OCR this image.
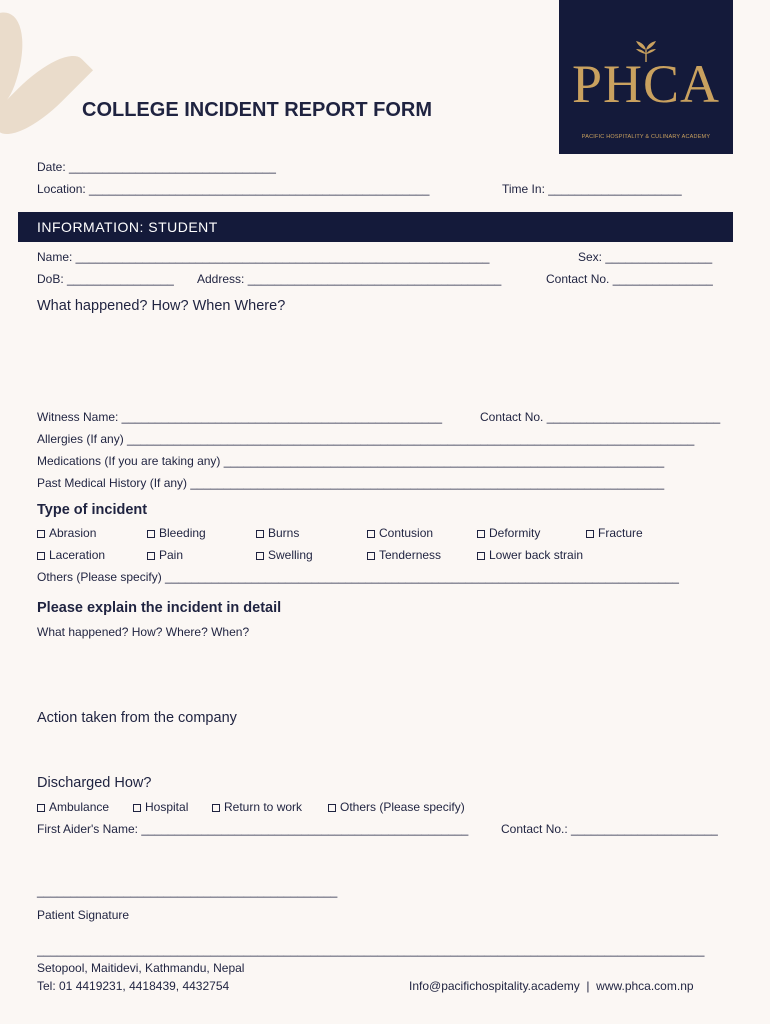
PHCA
PACIFIC HOSPITALITY & CULINARY ACADEMY
COLLEGE INCIDENT REPORT FORM
Date: _______________________________
Location: ___________________________________________________	Time In: ____________________
INFORMATION: STUDENT
Name: ______________________________________________________________	Sex: ________________
DoB: ________________ Address: ______________________________________	Contact No. _______________
What happened? How? When Where?
Witness Name: ________________________________________________	Contact No. __________________________
Allergies (If any) _____________________________________________________________________________________
Medications (If you are taking any) __________________________________________________________________
Past Medical History (If any) _______________________________________________________________________
Type of incident
Abrasion	Bleeding	Burns	Contusion	Deformity	Fracture
Laceration	Pain	Swelling	Tenderness	Lower back strain
Others (Please specify) _____________________________________________________________________________
Please explain the incident in detail
What happened? How? Where? When?
Action taken from the company
Discharged How?
Ambulance	Hospital	Return to work	Others (Please specify)
First Aider's Name: _________________________________________________	Contact No.: ______________________
_____________________________________________
Patient Signature
____________________________________________________________________________________________________
Setopool, Maitidevi, Kathmandu, Nepal
Tel: 01 4419231, 4418439, 4432754	Info@pacifichospitality.academy  |  www.phca.com.np
